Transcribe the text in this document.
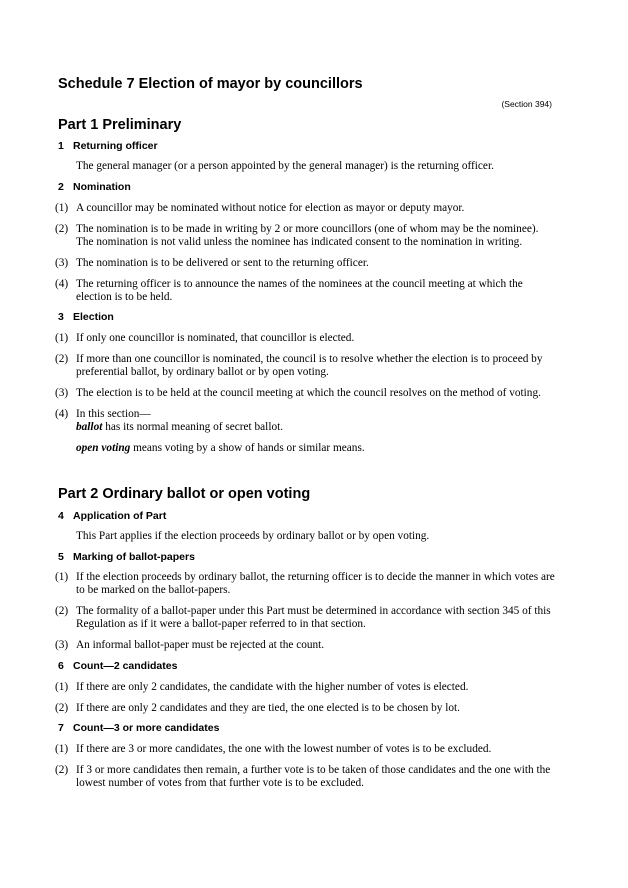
Schedule 7 Election of mayor by councillors
(Section 394)
Part 1 Preliminary
1 Returning officer
The general manager (or a person appointed by the general manager) is the returning officer.
2 Nomination
(1) A councillor may be nominated without notice for election as mayor or deputy mayor.
(2) The nomination is to be made in writing by 2 or more councillors (one of whom may be the nominee). The nomination is not valid unless the nominee has indicated consent to the nomination in writing.
(3) The nomination is to be delivered or sent to the returning officer.
(4) The returning officer is to announce the names of the nominees at the council meeting at which the election is to be held.
3 Election
(1) If only one councillor is nominated, that councillor is elected.
(2) If more than one councillor is nominated, the council is to resolve whether the election is to proceed by preferential ballot, by ordinary ballot or by open voting.
(3) The election is to be held at the council meeting at which the council resolves on the method of voting.
(4) In this section—
ballot has its normal meaning of secret ballot.
open voting means voting by a show of hands or similar means.
Part 2 Ordinary ballot or open voting
4 Application of Part
This Part applies if the election proceeds by ordinary ballot or by open voting.
5 Marking of ballot-papers
(1) If the election proceeds by ordinary ballot, the returning officer is to decide the manner in which votes are to be marked on the ballot-papers.
(2) The formality of a ballot-paper under this Part must be determined in accordance with section 345 of this Regulation as if it were a ballot-paper referred to in that section.
(3) An informal ballot-paper must be rejected at the count.
6 Count—2 candidates
(1) If there are only 2 candidates, the candidate with the higher number of votes is elected.
(2) If there are only 2 candidates and they are tied, the one elected is to be chosen by lot.
7 Count—3 or more candidates
(1) If there are 3 or more candidates, the one with the lowest number of votes is to be excluded.
(2) If 3 or more candidates then remain, a further vote is to be taken of those candidates and the one with the lowest number of votes from that further vote is to be excluded.
